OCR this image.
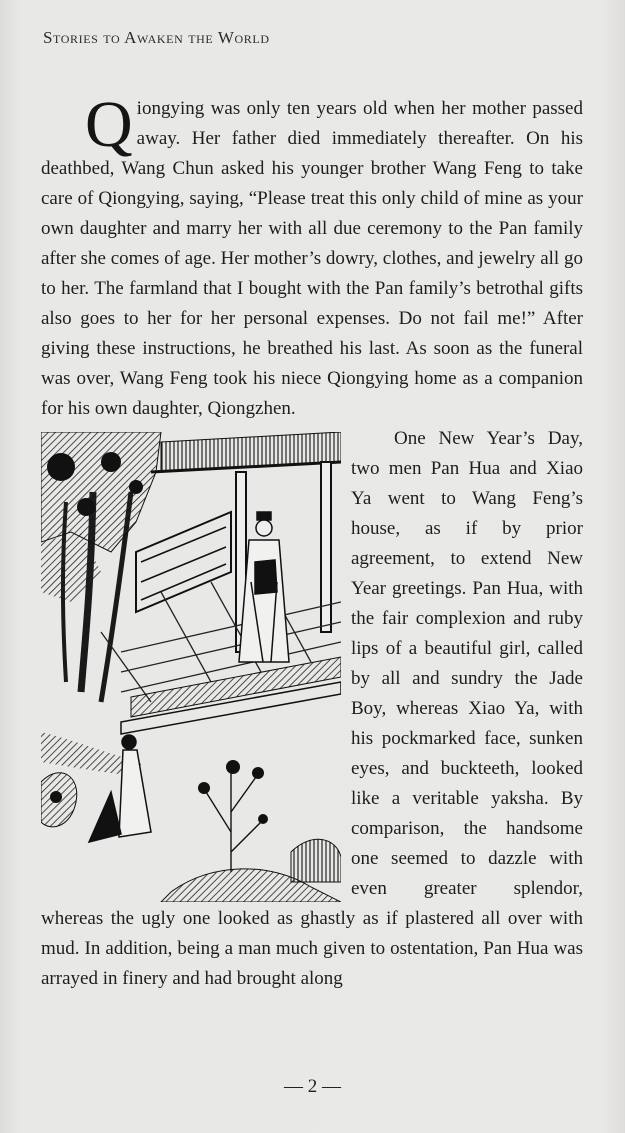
Stories to Awaken the World

Qiongying was only ten years old when her mother passed away. Her father died immediately thereafter. On his deathbed, Wang Chun asked his younger brother Wang Feng to take care of Qiongying, saying, “Please treat this only child of mine as your own daughter and marry her with all due ceremony to the Pan family after she comes of age. Her mother’s dowry, clothes, and jewelry all go to her. The farmland that I bought with the Pan family’s betrothal gifts also goes to her for her personal expenses. Do not fail me!” After giving these instructions, he breathed his last. As soon as the funeral was over, Wang Feng took his niece Qiongying home as a companion for his own daughter, Qiongzhen.

One New Year’s Day, two men Pan Hua and Xiao Ya went to Wang Feng’s house, as if by prior agreement, to extend New Year greetings. Pan Hua, with the fair complexion and ruby lips of a beautiful girl, called by all and sundry the Jade Boy, whereas Xiao Ya, with his pockmarked face, sunken eyes, and buckteeth, looked like a veritable yaksha. By comparison, the handsome one seemed to dazzle with even greater splendor, whereas the ugly one looked as ghastly as if plastered all over with mud. In addition, being a man much given to ostentation, Pan Hua was arrayed in finery and had brought along

— 2 —
